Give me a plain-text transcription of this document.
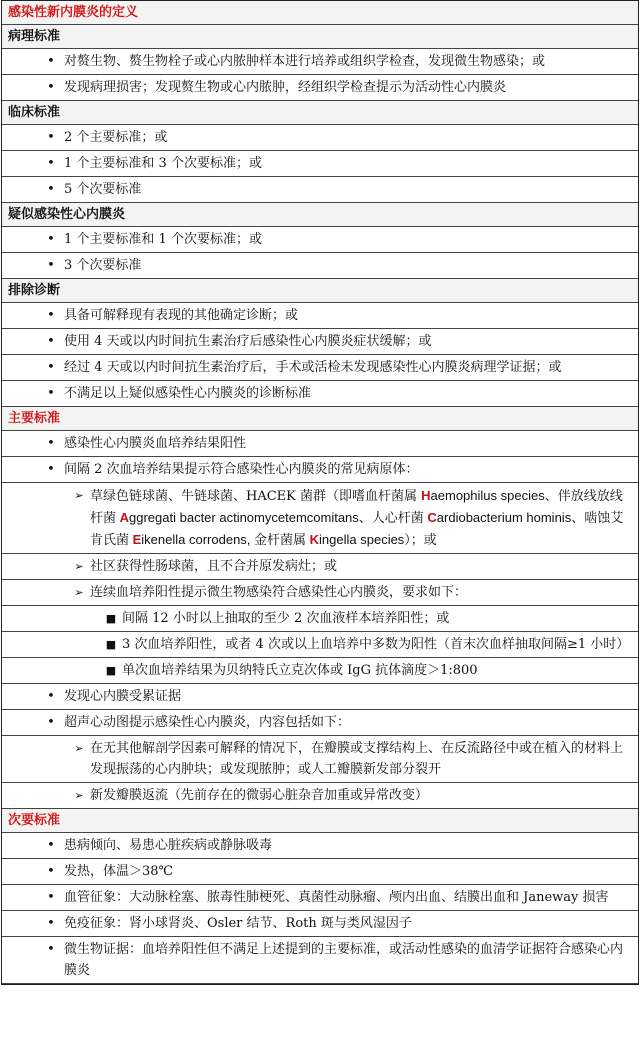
感染性新内膜炎的定义
病理标准
• 对赘生物、赘生物栓子或心内脓肿样本进行培养或组织学检查，发现微生物感染；或
• 发现病理损害；发现赘生物或心内脓肿，经组织学检查提示为活动性心内膜炎
临床标准
• 2 个主要标准；或
• 1 个主要标准和 3 个次要标准；或
• 5 个次要标准
疑似感染性心内膜炎
• 1 个主要标准和 1 个次要标准；或
• 3 个次要标准
排除诊断
• 具备可解释现有表现的其他确定诊断；或
• 使用 4 天或以内时间抗生素治疗后感染性心内膜炎症状缓解；或
• 经过 4 天或以内时间抗生素治疗后，手术或活检未发现感染性心内膜炎病理学证据；或
• 不满足以上疑似感染性心内膜炎的诊断标准
主要标准
• 感染性心内膜炎血培养结果阳性
• 间隔 2 次血培养结果提示符合感染性心内膜炎的常见病原体：
➢ 草绿色链球菌、牛链球菌、HACEK 菌群（即嗜血杆菌属 Haemophilus species、伴放线放线杆菌 Aggregati bacter actinomycetemcomitans、人心杆菌 Cardiobacterium hominis、啮蚀艾肯氏菌 Eikenella corrodens, 金杆菌属 Kingella species）；或
➢ 社区获得性肠球菌，且不合并原发病灶；或
➢ 连续血培养阳性提示微生物感染符合感染性心内膜炎，要求如下：
■ 间隔 12 小时以上抽取的至少 2 次血液样本培养阳性；或
■ 3 次血培养阳性，或者 4 次或以上血培养中多数为阳性（首末次血样抽取间隔≥1 小时）
■ 单次血培养结果为贝纳特氏立克次体或 IgG 抗体滴度＞1:800
• 发现心内膜受累证据
• 超声心动图提示感染性心内膜炎，内容包括如下：
➢ 在无其他解剖学因素可解释的情况下，在瓣膜或支撑结构上、在反流路径中或在植入的材料上发现振荡的心内肿块；或发现脓肿；或人工瓣膜新发部分裂开
➢ 新发瓣膜返流（先前存在的微弱心脏杂音加重或异常改变）
次要标准
• 患病倾向、易患心脏疾病或静脉吸毒
• 发热，体温＞38℃
• 血管征象：大动脉栓塞、脓毒性肺梗死、真菌性动脉瘤、颅内出血、结膜出血和 Janeway 损害
• 免疫征象：肾小球肾炎、Osler 结节、Roth 斑与类风湿因子
• 微生物证据：血培养阳性但不满足上述提到的主要标准，或活动性感染的血清学证据符合感染心内膜炎
